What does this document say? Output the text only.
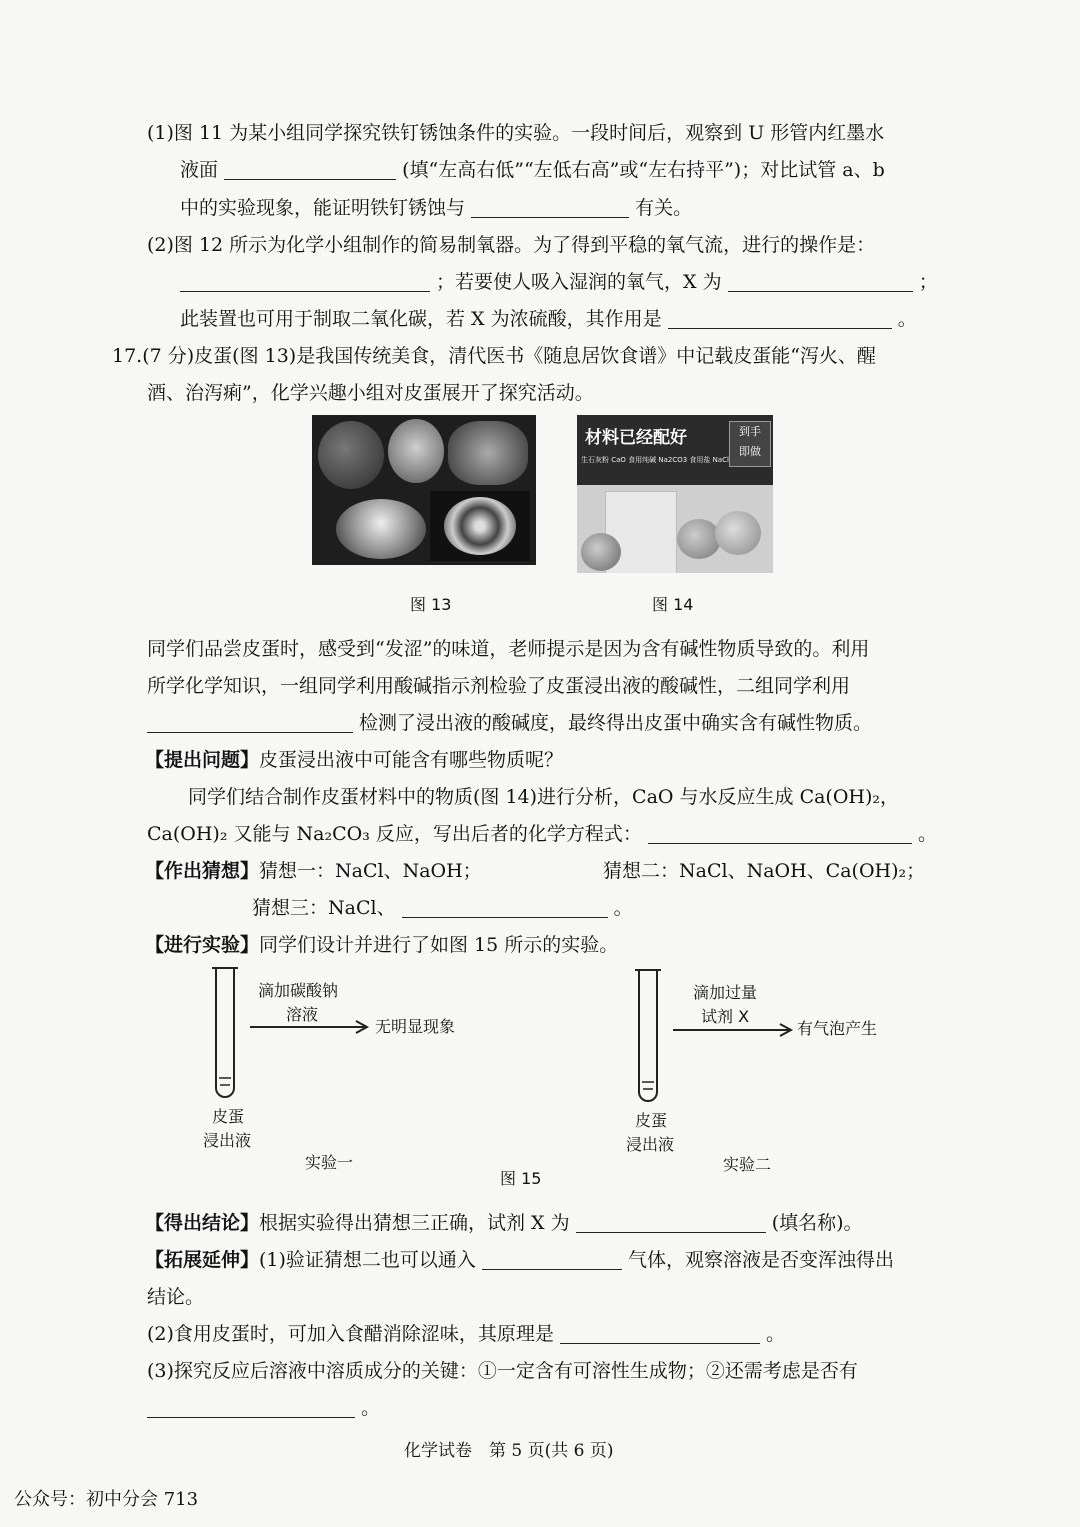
(1)图 11 为某小组同学探究铁钉锈蚀条件的实验。一段时间后，观察到 U 形管内红墨水
液面	(填“左高右低”“左低右高”或“左右持平”)；对比试管 a、b
中的实验现象，能证明铁钉锈蚀与	有关。
(2)图 12 所示为化学小组制作的简易制氧器。为了得到平稳的氧气流，进行的操作是：
；若要使人吸入湿润的氧气，X 为	；
此装置也可用于制取二氧化碳，若 X 为浓硫酸，其作用是	。
17.(7 分)皮蛋(图 13)是我国传统美食，清代医书《随息居饮食谱》中记载皮蛋能“泻火、醒
酒、治泻痢”，化学兴趣小组对皮蛋展开了探究活动。
图 13
材料已经配好	到手
即做
生石灰粉 CaO 食用纯碱 Na2CO3 食用盐 NaCl
图 14
同学们品尝皮蛋时，感受到“发涩”的味道，老师提示是因为含有碱性物质导致的。利用
所学化学知识，一组同学利用酸碱指示剂检验了皮蛋浸出液的酸碱性，二组同学利用
检测了浸出液的酸碱度，最终得出皮蛋中确实含有碱性物质。
【提出问题】皮蛋浸出液中可能含有哪些物质呢？
同学们结合制作皮蛋材料中的物质(图 14)进行分析，CaO 与水反应生成 Ca(OH)₂，
Ca(OH)₂ 又能与 Na₂CO₃ 反应，写出后者的化学方程式：	。
【作出猜想】猜想一：NaCl、NaOH；	猜想二：NaCl、NaOH、Ca(OH)₂；
猜想三：NaCl、	。
【进行实验】同学们设计并进行了如图 15 所示的实验。
滴加碳酸钠
溶液
无明显现象
皮蛋
浸出液
实验一
滴加过量
试剂 X
有气泡产生
皮蛋
浸出液
实验二
图 15
【得出结论】根据实验得出猜想三正确，试剂 X 为	(填名称)。
【拓展延伸】(1)验证猜想二也可以通入	气体，观察溶液是否变浑浊得出
结论。
(2)食用皮蛋时，可加入食醋消除涩味，其原理是	。
(3)探究反应后溶液中溶质成分的关键：①一定含有可溶性生成物；②还需考虑是否有
。
化学试卷　第 5 页(共 6 页)
公众号：初中分会 713
